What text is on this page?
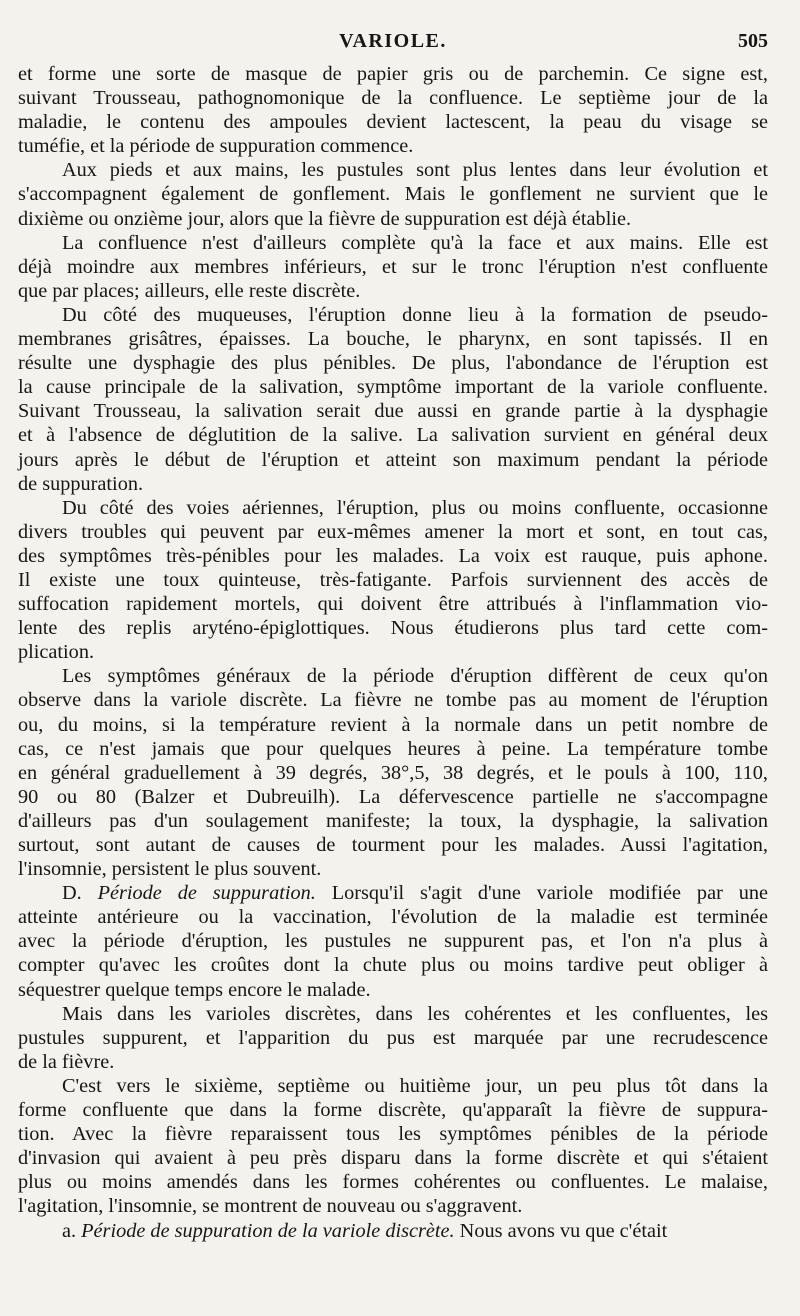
VARIOLE.	505
et forme une sorte de masque de papier gris ou de parchemin. Ce signe est,
suivant Trousseau, pathognomonique de la confluence. Le septième jour de la
maladie, le contenu des ampoules devient lactescent, la peau du visage se
tuméfie, et la période de suppuration commence.
Aux pieds et aux mains, les pustules sont plus lentes dans leur évolution et
s'accompagnent également de gonflement. Mais le gonflement ne survient que le
dixième ou onzième jour, alors que la fièvre de suppuration est déjà établie.
La confluence n'est d'ailleurs complète qu'à la face et aux mains. Elle est
déjà moindre aux membres inférieurs, et sur le tronc l'éruption n'est confluente
que par places; ailleurs, elle reste discrète.
Du côté des muqueuses, l'éruption donne lieu à la formation de pseudo-
membranes grisâtres, épaisses. La bouche, le pharynx, en sont tapissés. Il en
résulte une dysphagie des plus pénibles. De plus, l'abondance de l'éruption est
la cause principale de la salivation, symptôme important de la variole confluente.
Suivant Trousseau, la salivation serait due aussi en grande partie à la dysphagie
et à l'absence de déglutition de la salive. La salivation survient en général deux
jours après le début de l'éruption et atteint son maximum pendant la période
de suppuration.
Du côté des voies aériennes, l'éruption, plus ou moins confluente, occasionne
divers troubles qui peuvent par eux-mêmes amener la mort et sont, en tout cas,
des symptômes très-pénibles pour les malades. La voix est rauque, puis aphone.
Il existe une toux quinteuse, très-fatigante. Parfois surviennent des accès de
suffocation rapidement mortels, qui doivent être attribués à l'inflammation vio-
lente des replis aryténo-épiglottiques. Nous étudierons plus tard cette com-
plication.
Les symptômes généraux de la période d'éruption diffèrent de ceux qu'on
observe dans la variole discrète. La fièvre ne tombe pas au moment de l'éruption
ou, du moins, si la température revient à la normale dans un petit nombre de
cas, ce n'est jamais que pour quelques heures à peine. La température tombe
en général graduellement à 39 degrés, 38°,5, 38 degrés, et le pouls à 100, 110,
90 ou 80 (Balzer et Dubreuilh). La défervescence partielle ne s'accompagne
d'ailleurs pas d'un soulagement manifeste; la toux, la dysphagie, la salivation
surtout, sont autant de causes de tourment pour les malades. Aussi l'agitation,
l'insomnie, persistent le plus souvent.
D. Période de suppuration. Lorsqu'il s'agit d'une variole modifiée par une
atteinte antérieure ou la vaccination, l'évolution de la maladie est terminée
avec la période d'éruption, les pustules ne suppurent pas, et l'on n'a plus à
compter qu'avec les croûtes dont la chute plus ou moins tardive peut obliger à
séquestrer quelque temps encore le malade.
Mais dans les varioles discrètes, dans les cohérentes et les confluentes, les
pustules suppurent, et l'apparition du pus est marquée par une recrudescence
de la fièvre.
C'est vers le sixième, septième ou huitième jour, un peu plus tôt dans la
forme confluente que dans la forme discrète, qu'apparaît la fièvre de suppura-
tion. Avec la fièvre reparaissent tous les symptômes pénibles de la période
d'invasion qui avaient à peu près disparu dans la forme discrète et qui s'étaient
plus ou moins amendés dans les formes cohérentes ou confluentes. Le malaise,
l'agitation, l'insomnie, se montrent de nouveau ou s'aggravent.
a. Période de suppuration de la variole discrète. Nous avons vu que c'était
